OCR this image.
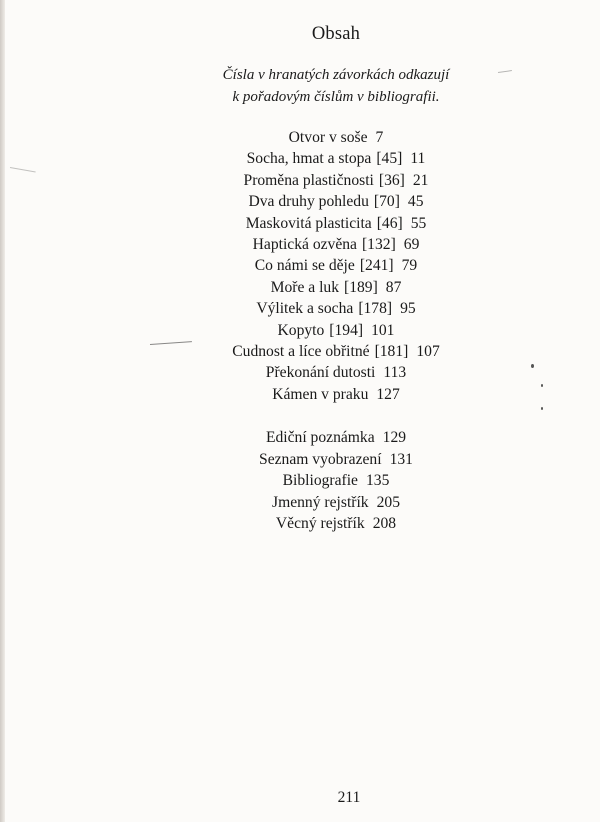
Obsah
Čísla v hranatých závorkách odkazují
k pořadovým číslům v bibliografii.
Otvor v soše 7
Socha, hmat a stopa [45] 11
Proměna plastičnosti [36] 21
Dva druhy pohledu [70] 45
Maskovitá plasticita [46] 55
Haptická ozvěna [132] 69
Co námi se děje [241] 79
Moře a luk [189] 87
Výlitek a socha [178] 95
Kopyto [194] 101
Cudnost a líce obřitné [181] 107
Překonání dutosti 113
Kámen v praku 127
Ediční poznámka 129
Seznam vyobrazení 131
Bibliografie 135
Jmenný rejstřík 205
Věcný rejstřík 208
211
